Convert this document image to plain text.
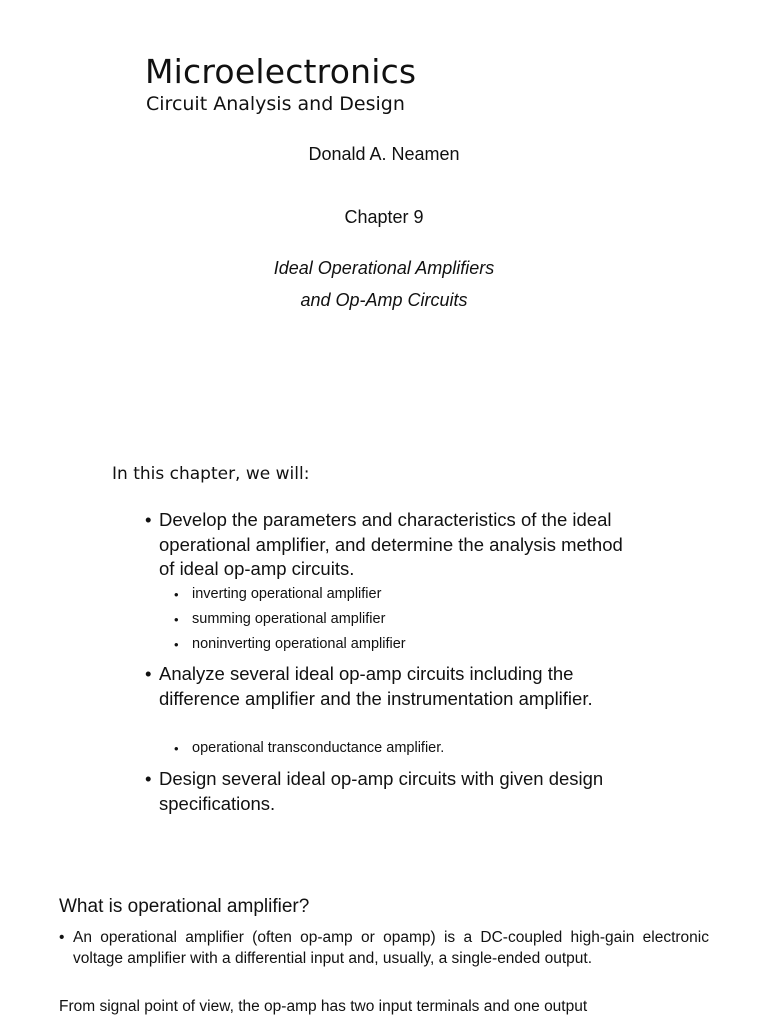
Microelectronics
Circuit Analysis and Design
Donald A. Neamen
Chapter 9
Ideal Operational Amplifiers
and Op-Amp Circuits
In this chapter, we will:
• Develop the parameters and characteristics of the ideal operational amplifier, and determine the analysis method of ideal op-amp circuits.
• inverting operational amplifier
• summing operational amplifier
• noninverting operational amplifier
• Analyze several ideal op-amp circuits including the difference amplifier and the instrumentation amplifier.
• operational transconductance amplifier.
• Design several ideal op-amp circuits with given design specifications.
What is operational amplifier?
• An operational amplifier (often op-amp or opamp) is a DC-coupled high-gain electronic voltage amplifier with a differential input and, usually, a single-ended output.
From signal point of view, the op-amp has two input terminals and one output
